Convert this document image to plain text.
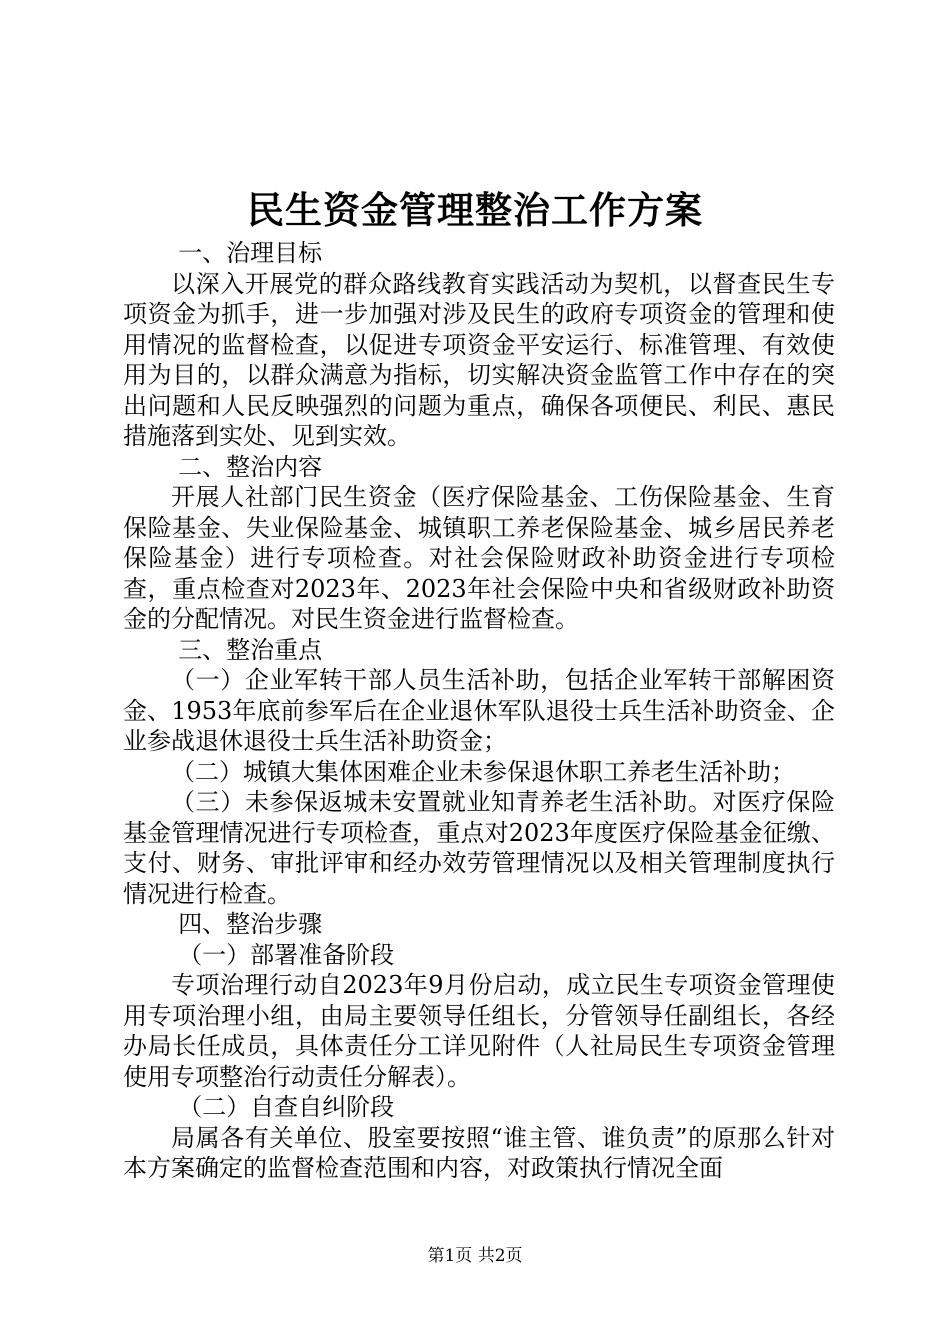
民生资金管理整治工作方案

一、治理目标

以深入开展党的群众路线教育实践活动为契机，以督查民生专项资金为抓手，进一步加强对涉及民生的政府专项资金的管理和使用情况的监督检查，以促进专项资金平安运行、标准管理、有效使用为目的，以群众满意为指标，切实解决资金监管工作中存在的突出问题和人民反映强烈的问题为重点，确保各项便民、利民、惠民措施落到实处、见到实效。

二、整治内容

开展人社部门民生资金（医疗保险基金、工伤保险基金、生育保险基金、失业保险基金、城镇职工养老保险基金、城乡居民养老保险基金）进行专项检查。对社会保险财政补助资金进行专项检查，重点检查对2023年、2023年社会保险中央和省级财政补助资金的分配情况。对民生资金进行监督检查。

三、整治重点

（一）企业军转干部人员生活补助，包括企业军转干部解困资金、1953年底前参军后在企业退休军队退役士兵生活补助资金、企业参战退休退役士兵生活补助资金；

（二）城镇大集体困难企业未参保退休职工养老生活补助；

（三）未参保返城未安置就业知青养老生活补助。对医疗保险基金管理情况进行专项检查，重点对2023年度医疗保险基金征缴、支付、财务、审批评审和经办效劳管理情况以及相关管理制度执行情况进行检查。

四、整治步骤

（一）部署准备阶段

专项治理行动自2023年9月份启动，成立民生专项资金管理使用专项治理小组，由局主要领导任组长，分管领导任副组长，各经办局长任成员，具体责任分工详见附件（人社局民生专项资金管理使用专项整治行动责任分解表）。

（二）自查自纠阶段

局属各有关单位、股室要按照“谁主管、谁负责”的原那么针对本方案确定的监督检查范围和内容，对政策执行情况全面

第1页 共2页
